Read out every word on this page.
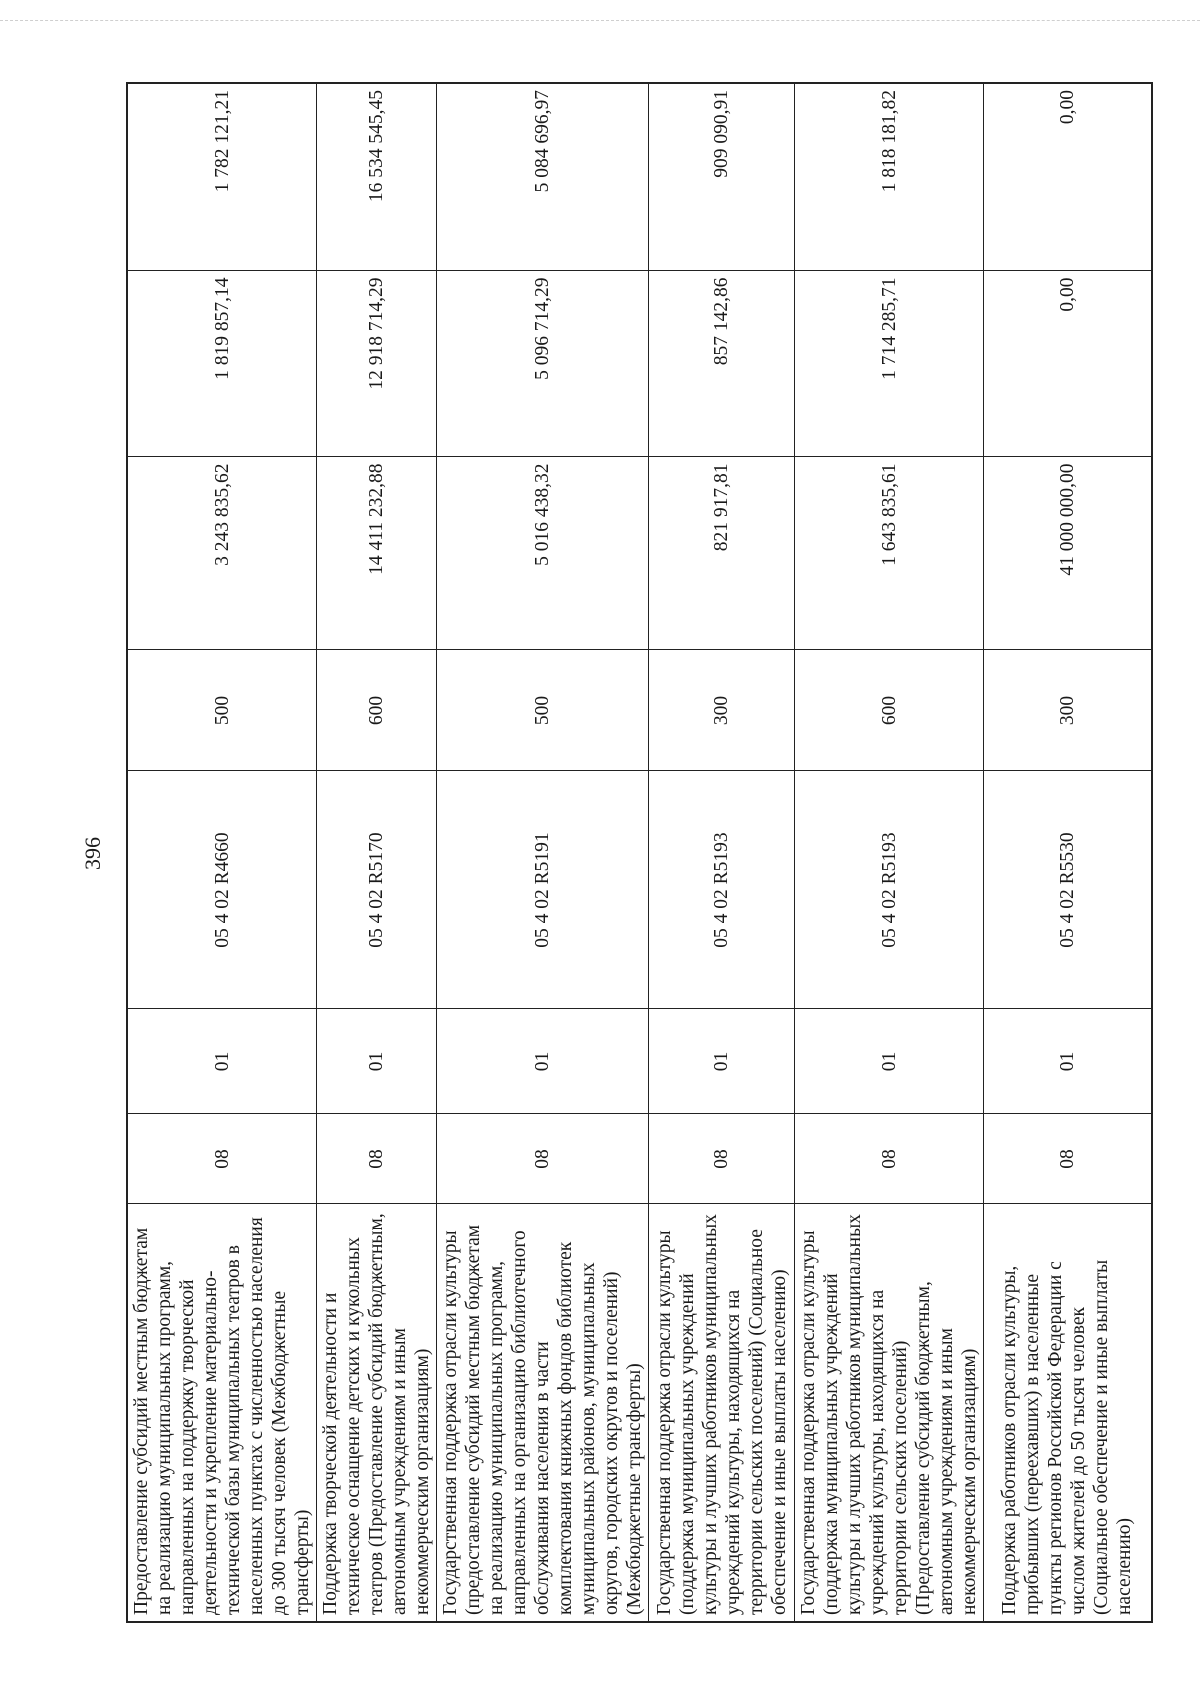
396
Предоставление субсидий местным бюджетам на реализацию муниципальных программ, направленных на поддержку творческой деятельности и укрепление материально-технической базы муниципальных театров в населенных пунктах с численностью населения до 300 тысяч человек (Межбюджетные трансферты)	08	01	05 4 02 R4660	500	3 243 835,62	1 819 857,14	1 782 121,21
Поддержка творческой деятельности и техническое оснащение детских и кукольных театров (Предоставление субсидий бюджетным, автономным учреждениям и иным некоммерческим организациям)	08	01	05 4 02 R5170	600	14 411 232,88	12 918 714,29	16 534 545,45
Государственная поддержка отрасли культуры (предоставление субсидий местным бюджетам на реализацию муниципальных программ, направленных на организацию библиотечного обслуживания населения в части комплектования книжных фондов библиотек муниципальных районов, муниципальных округов, городских округов и поселений) (Межбюджетные трансферты)	08	01	05 4 02 R5191	500	5 016 438,32	5 096 714,29	5 084 696,97
Государственная поддержка отрасли культуры (поддержка муниципальных учреждений культуры и лучших работников муниципальных учреждений культуры, находящихся на территории сельских поселений) (Социальное обеспечение и иные выплаты населению)	08	01	05 4 02 R5193	300	821 917,81	857 142,86	909 090,91
Государственная поддержка отрасли культуры (поддержка муниципальных учреждений культуры и лучших работников муниципальных учреждений культуры, находящихся на территории сельских поселений) (Предоставление субсидий бюджетным, автономным учреждениям и иным некоммерческим организациям)	08	01	05 4 02 R5193	600	1 643 835,61	1 714 285,71	1 818 181,82
Поддержка работников отрасли культуры, прибывших (переехавших) в населенные пункты регионов Российской Федерации с числом жителей до 50 тысяч человек (Социальное обеспечение и иные выплаты населению)	08	01	05 4 02 R5530	300	41 000 000,00	0,00	0,00
